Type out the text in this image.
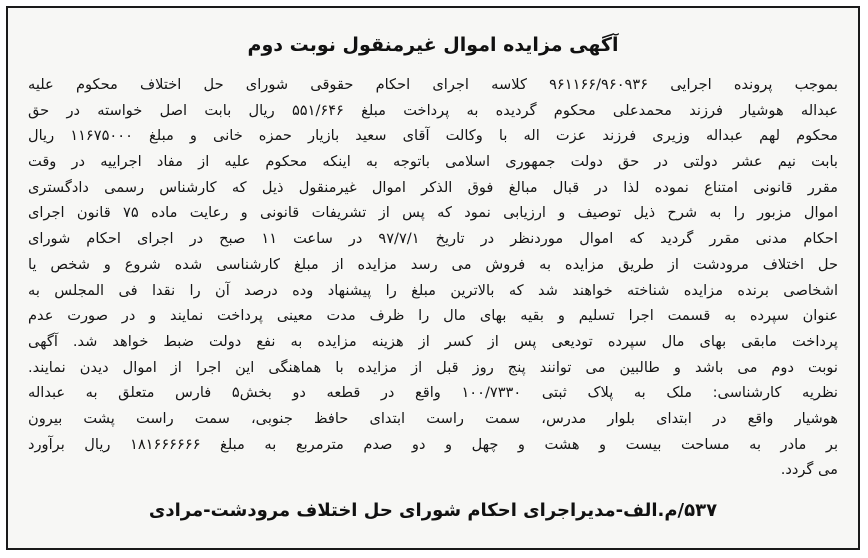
آگهی مزایده اموال غیرمنقول نوبت دوم
بموجب پرونده اجرایی ۹۶۱۱۶۶/۹۶۰۹۳۶ کلاسه اجرای احکام حقوقی شورای حل اختلاف محکوم علیه
عبداله هوشیار فرزند محمدعلی محکوم گردیده به پرداخت مبلغ ۵۵۱/۶۴۶ ریال بابت اصل خواسته در حق
محکوم لهم عبداله وزیری فرزند عزت اله با وکالت آقای سعید بازیار حمزه خانی و مبلغ ۱۱۶۷۵۰۰۰ ریال
بابت نیم عشر دولتی در حق دولت جمهوری اسلامی باتوجه به اینکه محکوم علیه از مفاد اجراییه در وقت
مقرر قانونی امتناع نموده لذا در قبال مبالغ فوق الذکر اموال غیرمنقول ذیل که کارشناس رسمی دادگستری
اموال مزبور را به شرح ذیل توصیف و ارزیابی نمود که پس از تشریفات قانونی و رعایت ماده ۷۵ قانون اجرای
احکام مدنی مقرر گردید که اموال موردنظر در تاریخ ۹۷/۷/۱ در ساعت ۱۱ صبح در اجرای احکام شورای
حل اختلاف مرودشت از طریق مزایده به فروش می رسد مزایده از مبلغ کارشناسی شده شروع و شخص یا
اشخاصی برنده مزایده شناخته خواهند شد که بالاترین مبلغ را پیشنهاد وده درصد آن را نقدا فی المجلس به
عنوان سپرده به قسمت اجرا تسلیم و بقیه بهای مال را ظرف مدت معینی پرداخت نمایند و در صورت عدم
پرداخت مابقی بهای مال سپرده تودیعی پس از کسر از هزینه مزایده به نفع دولت ضبط خواهد شد. آگهی
نوبت دوم می باشد و طالبین می توانند پنج روز قبل از مزایده با هماهنگی این اجرا از اموال دیدن نمایند.
نظریه کارشناسی: ملک به پلاک ثبتی ۱۰۰/۷۳۳۰ واقع در قطعه دو بخش۵ فارس متعلق به عبداله
هوشیار واقع در ابتدای بلوار مدرس، سمت راست ابتدای حافظ جنوبی، سمت راست پشت بیرون
بر مادر به مساحت بیست و هشت و چهل و دو صدم مترمربع به مبلغ ۱۸۱۶۶۶۶۶۶ ریال برآورد
می گردد.
۵۳۷/م.الف-مدیراجرای احکام شورای حل اختلاف مرودشت-مرادی
